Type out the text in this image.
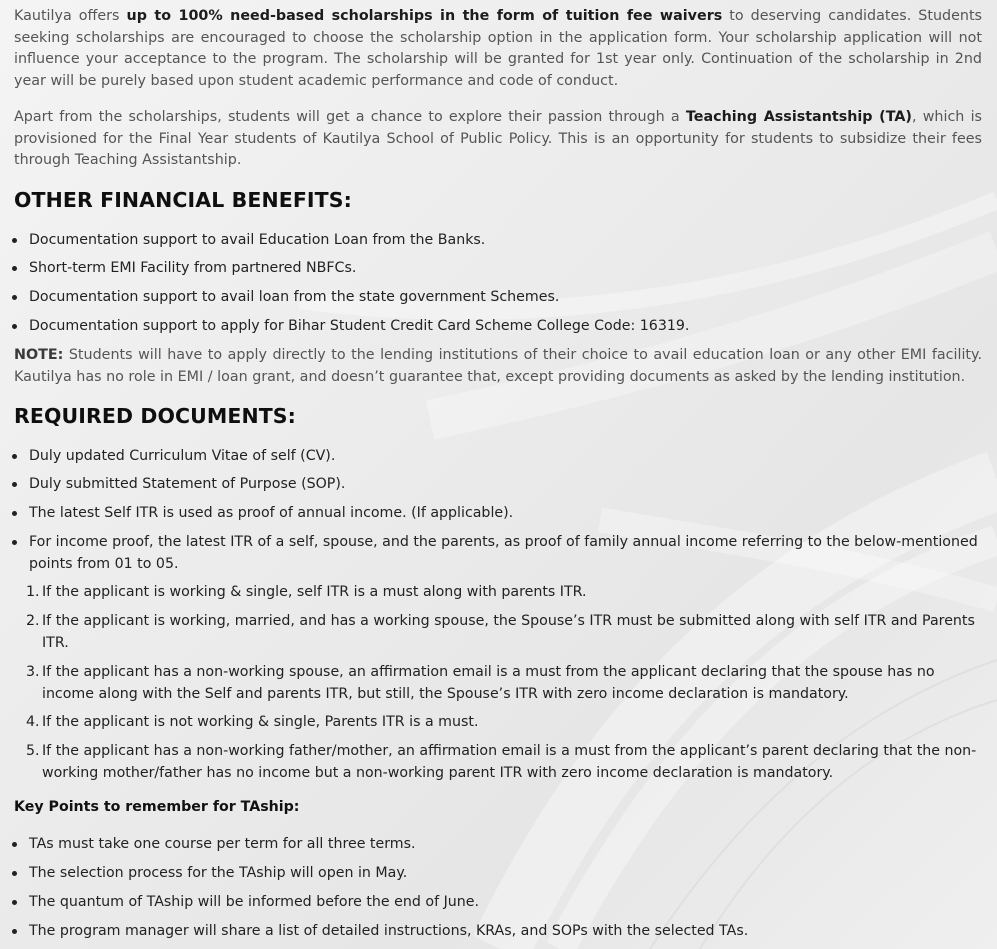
Kautilya offers up to 100% need-based scholarships in the form of tuition fee waivers to deserving candidates. Students seeking scholarships are encouraged to choose the scholarship option in the application form. Your scholarship application will not influence your acceptance to the program. The scholarship will be granted for 1st year only. Continuation of the scholarship in 2nd year will be purely based upon student academic performance and code of conduct.

Apart from the scholarships, students will get a chance to explore their passion through a Teaching Assistantship (TA), which is provisioned for the Final Year students of Kautilya School of Public Policy. This is an opportunity for students to subsidize their fees through Teaching Assistantship.

OTHER FINANCIAL BENEFITS:

Documentation support to avail Education Loan from the Banks.

Short-term EMI Facility from partnered NBFCs.

Documentation support to avail loan from the state government Schemes.

Documentation support to apply for Bihar Student Credit Card Scheme College Code: 16319.

NOTE: Students will have to apply directly to the lending institutions of their choice to avail education loan or any other EMI facility. Kautilya has no role in EMI / loan grant, and doesn’t guarantee that, except providing documents as asked by the lending institution.

REQUIRED DOCUMENTS:

Duly updated Curriculum Vitae of self (CV).

Duly submitted Statement of Purpose (SOP).

The latest Self ITR is used as proof of annual income. (If applicable).

For income proof, the latest ITR of a self, spouse, and the parents, as proof of family annual income referring to the below-mentioned points from 01 to 05.

1. If the applicant is working & single, self ITR is a must along with parents ITR.

2. If the applicant is working, married, and has a working spouse, the Spouse’s ITR must be submitted along with self ITR and Parents ITR.

3. If the applicant has a non-working spouse, an affirmation email is a must from the applicant declaring that the spouse has no income along with the Self and parents ITR, but still, the Spouse’s ITR with zero income declaration is mandatory.

4. If the applicant is not working & single, Parents ITR is a must.

5. If the applicant has a non-working father/mother, an affirmation email is a must from the applicant’s parent declaring that the non-working mother/father has no income but a non-working parent ITR with zero income declaration is mandatory.

Key Points to remember for TAship:

TAs must take one course per term for all three terms.

The selection process for the TAship will open in May.

The quantum of TAship will be informed before the end of June.

The program manager will share a list of detailed instructions, KRAs, and SOPs with the selected TAs.
